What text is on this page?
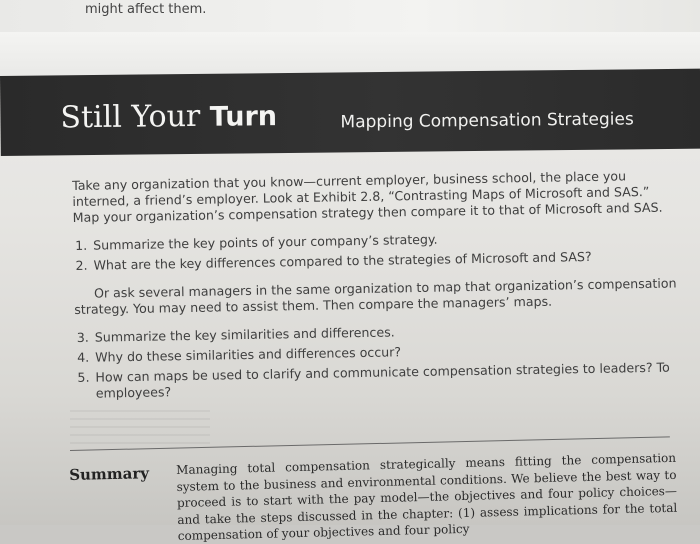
might affect them.
Still Your Turn	Mapping Compensation Strategies

Take any organization that you know—current employer, business school, the place you interned, a friend’s employer. Look at Exhibit 2.8, “Contrasting Maps of Microsoft and SAS.” Map your organization’s compensation strategy then compare it to that of Microsoft and SAS.

1. Summarize the key points of your company’s strategy.
2. What are the key differences compared to the strategies of Microsoft and SAS?

Or ask several managers in the same organization to map that organization’s compensation strategy. You may need to assist them. Then compare the managers’ maps.

3. Summarize the key similarities and differences.
4. Why do these similarities and differences occur?
5. How can maps be used to clarify and communicate compensation strategies to leaders? To employees?
Summary Managing total compensation strategically means fitting the compensation system to the business and environmental conditions. We believe the best way to proceed is to start with the pay model—the objectives and four policy choices—and take the steps discussed in the chapter: (1) assess implications for the total compensation of your objectives and four policy
